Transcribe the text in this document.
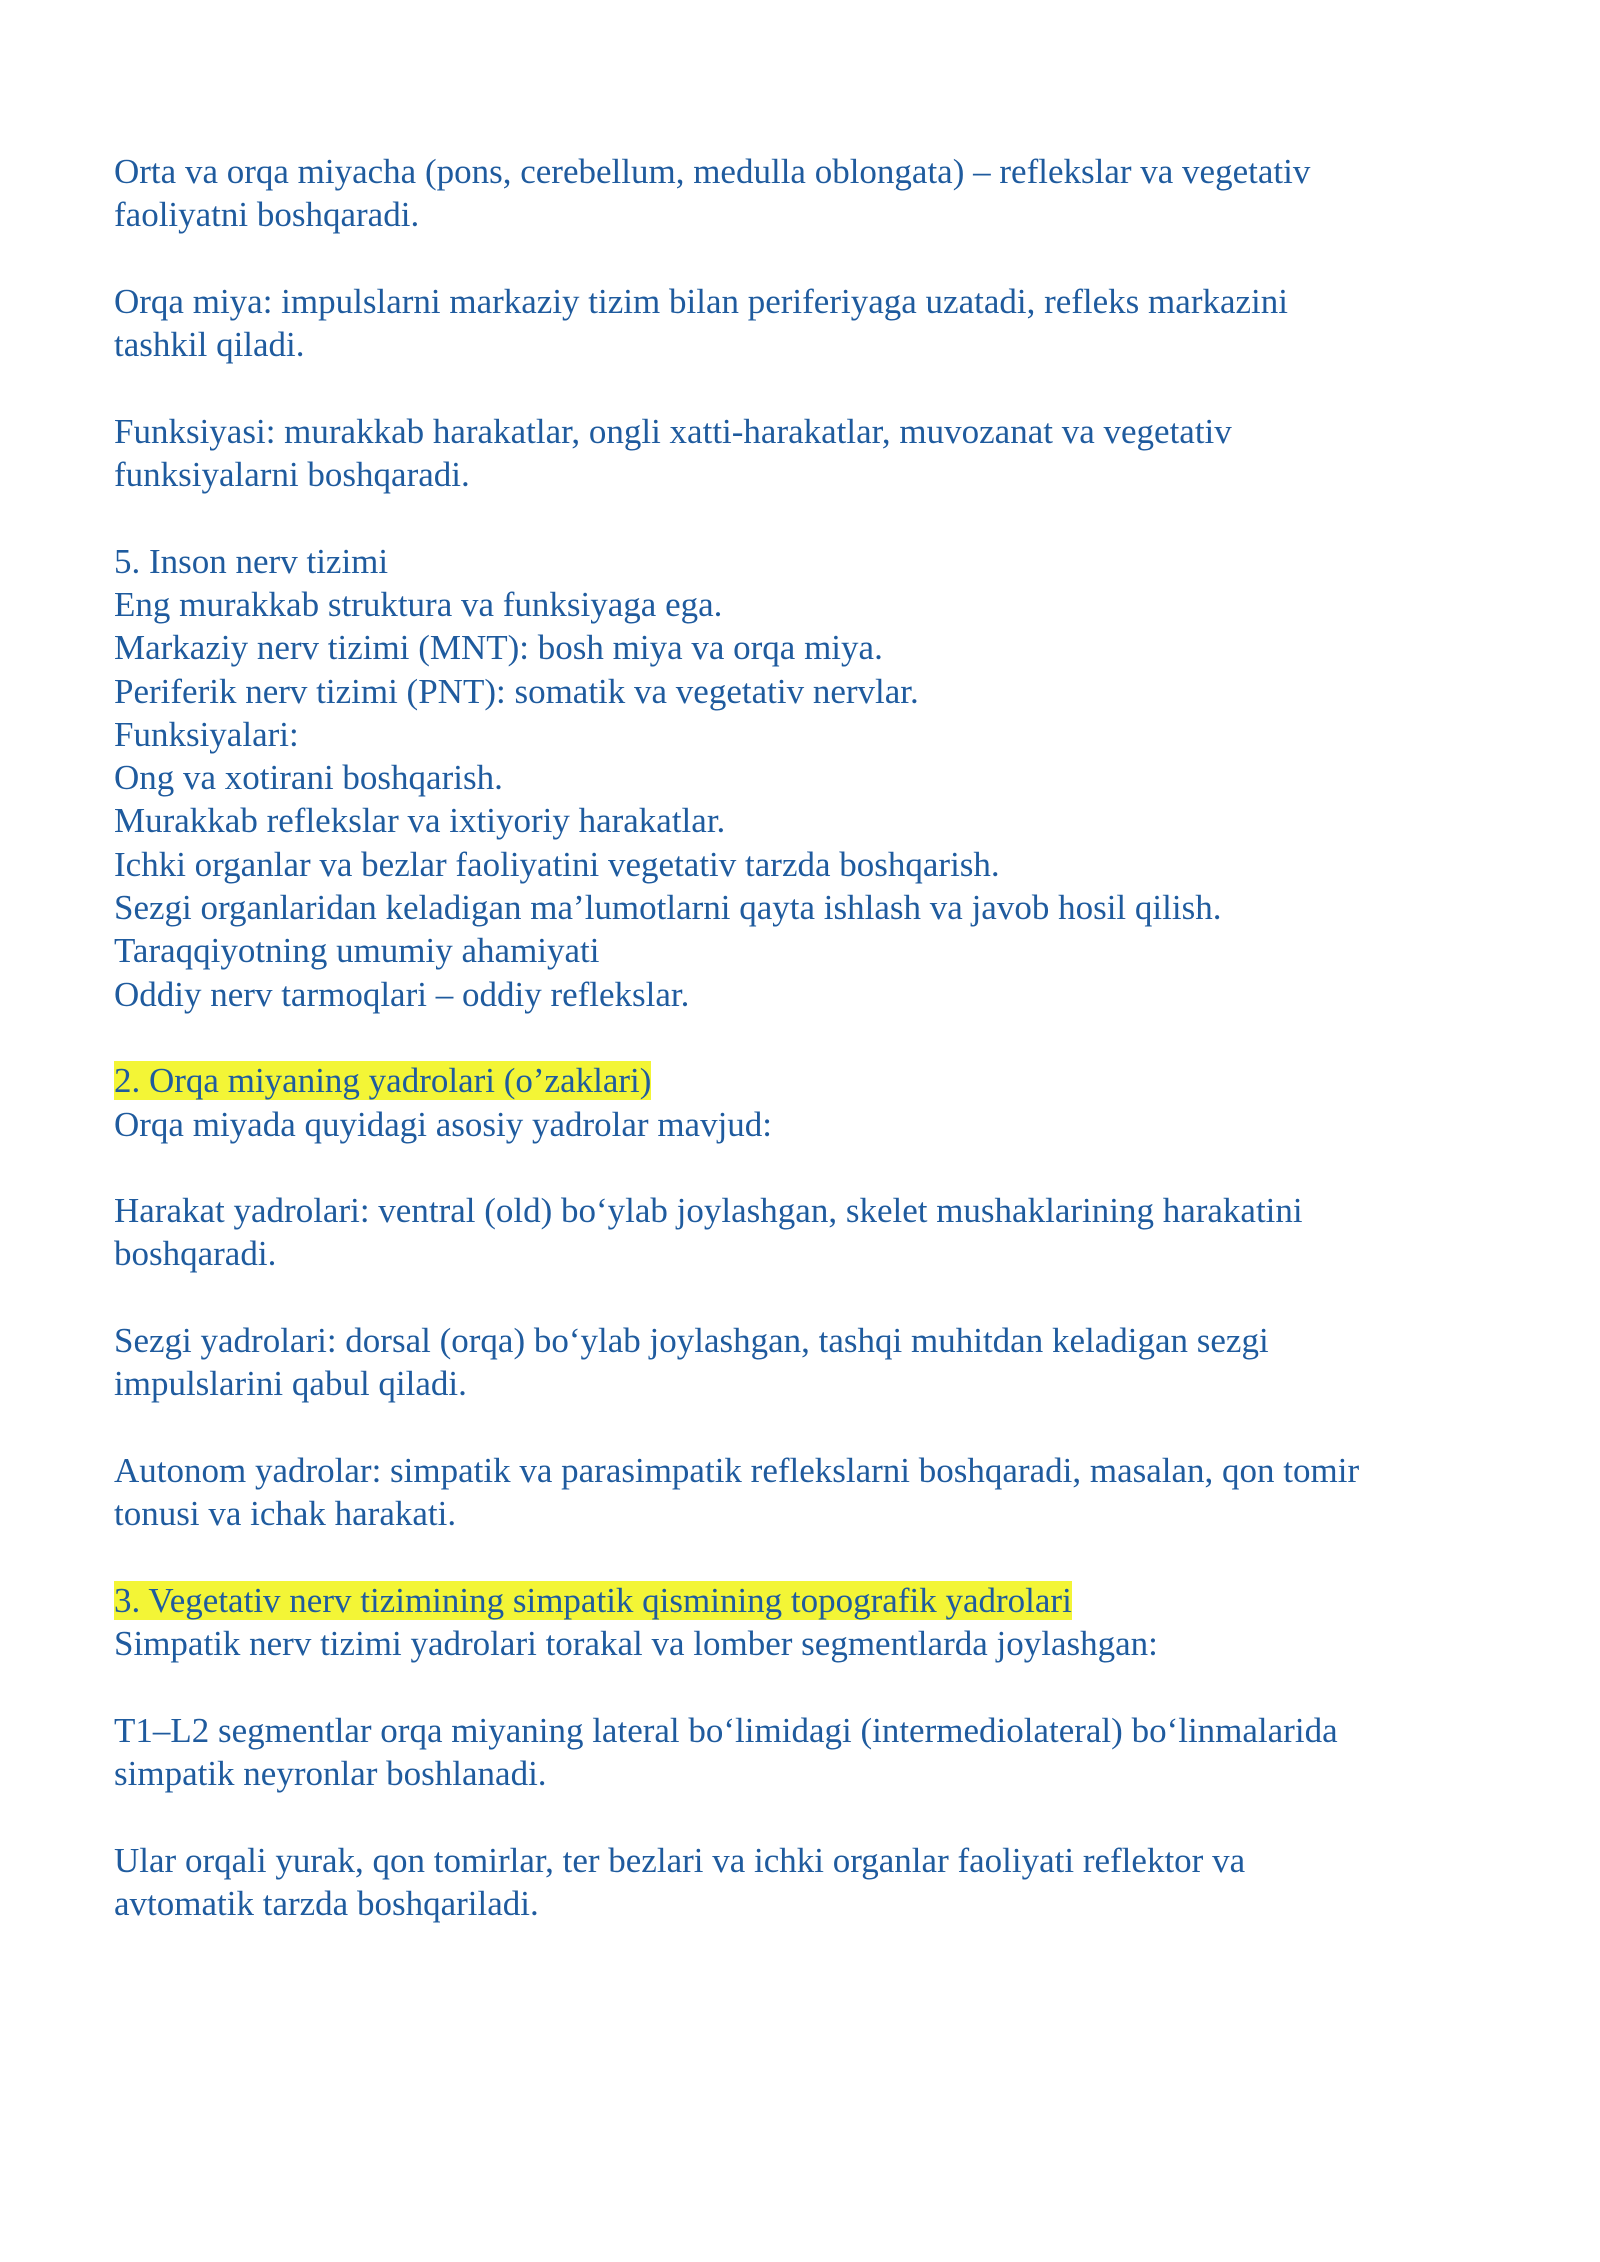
Orta va orqa miyacha (pons, cerebellum, medulla oblongata) – reflekslar va vegetativ
faoliyatni boshqaradi.
Orqa miya: impulslarni markaziy tizim bilan periferiyaga uzatadi, refleks markazini
tashkil qiladi.
Funksiyasi: murakkab harakatlar, ongli xatti-harakatlar, muvozanat va vegetativ
funksiyalarni boshqaradi.
5. Inson nerv tizimi
Eng murakkab struktura va funksiyaga ega.
Markaziy nerv tizimi (MNT): bosh miya va orqa miya.
Periferik nerv tizimi (PNT): somatik va vegetativ nervlar.
Funksiyalari:
Ong va xotirani boshqarish.
Murakkab reflekslar va ixtiyoriy harakatlar.
Ichki organlar va bezlar faoliyatini vegetativ tarzda boshqarish.
Sezgi organlaridan keladigan ma’lumotlarni qayta ishlash va javob hosil qilish.
Taraqqiyotning umumiy ahamiyati
Oddiy nerv tarmoqlari – oddiy reflekslar.
2. Orqa miyaning yadrolari (o’zaklari)
Orqa miyada quyidagi asosiy yadrolar mavjud:
Harakat yadrolari: ventral (old) bo‘ylab joylashgan, skelet mushaklarining harakatini
boshqaradi.
Sezgi yadrolari: dorsal (orqa) bo‘ylab joylashgan, tashqi muhitdan keladigan sezgi
impulslarini qabul qiladi.
Autonom yadrolar: simpatik va parasimpatik reflekslarni boshqaradi, masalan, qon tomir
tonusi va ichak harakati.
3. Vegetativ nerv tizimining simpatik qismining topografik yadrolari
Simpatik nerv tizimi yadrolari torakal va lomber segmentlarda joylashgan:
T1–L2 segmentlar orqa miyaning lateral bo‘limidagi (intermediolateral) bo‘linmalarida
simpatik neyronlar boshlanadi.
Ular orqali yurak, qon tomirlar, ter bezlari va ichki organlar faoliyati reflektor va
avtomatik tarzda boshqariladi.
